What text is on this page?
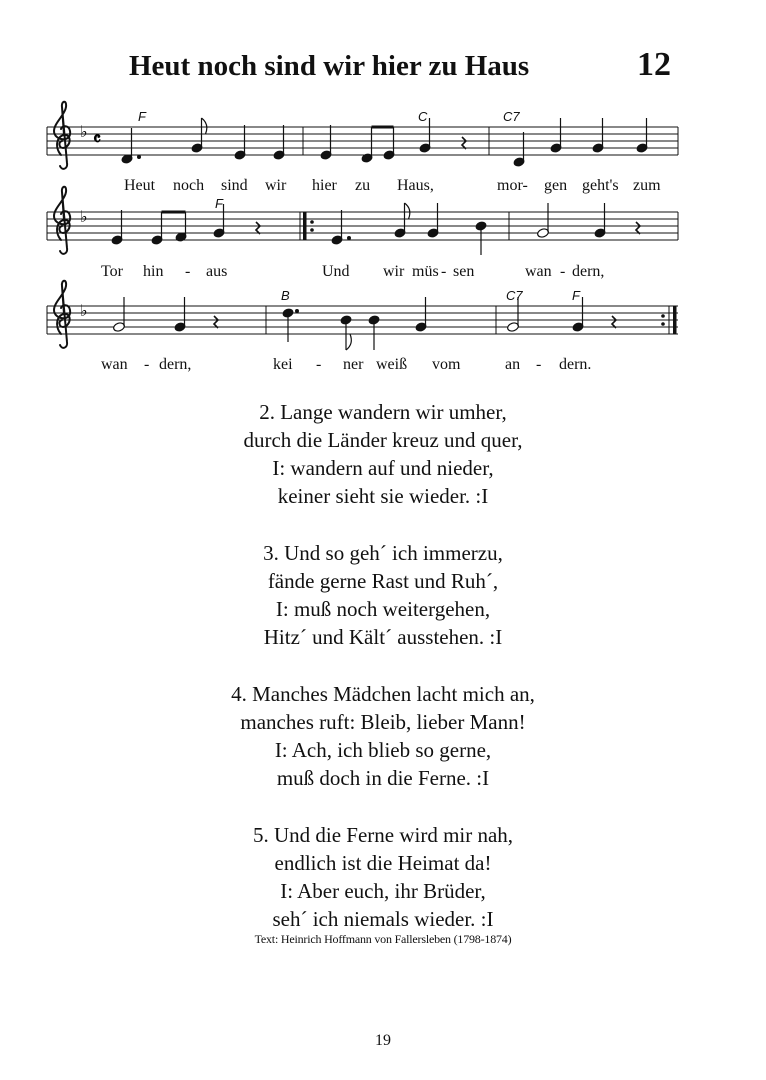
Heut noch sind wir hier zu Haus	12
♭ 𝄴
F	C	C7
Heut noch sind wir hier zu Haus,	mor- gen geht's zum
♭
F
Tor hin - aus	Und wir müs - sen	wan - dern,
♭
B	C7	F
wan - dern,	kei - ner weiß vom	an - dern.
2. Lange wandern wir umher,
durch die Länder kreuz und quer,
I: wandern auf und nieder,
keiner sieht sie wieder. :I
3. Und so geh´ ich immerzu,
fände gerne Rast und Ruh´,
I: muß noch weitergehen,
Hitz´ und Kält´ ausstehen. :I
4. Manches Mädchen lacht mich an,
manches ruft: Bleib, lieber Mann!
I: Ach, ich blieb so gerne,
muß doch in die Ferne. :I
5. Und die Ferne wird mir nah,
endlich ist die Heimat da!
I: Aber euch, ihr Brüder,
seh´ ich niemals wieder. :I
Text: Heinrich Hoffmann von Fallersleben (1798-1874)
19
